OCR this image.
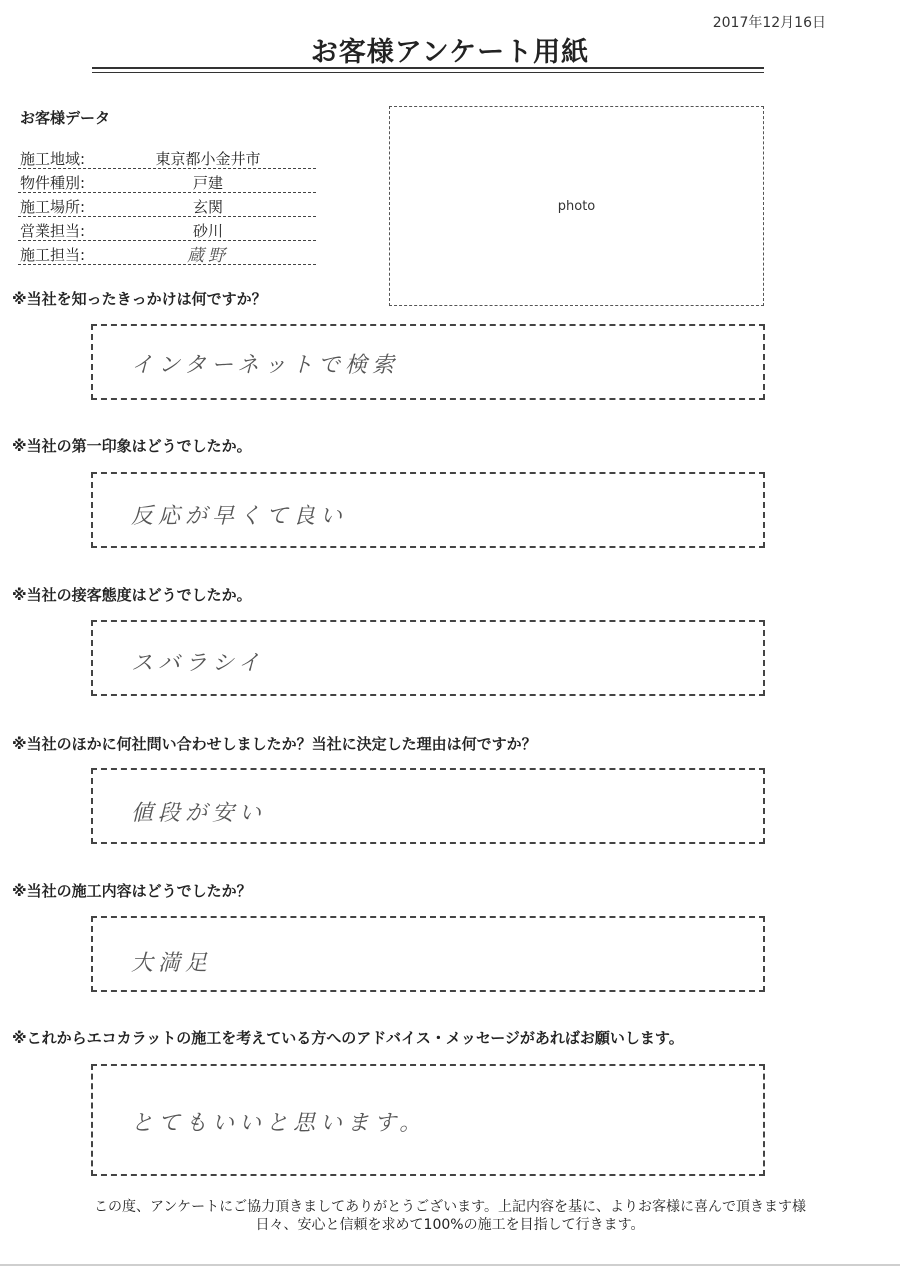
2017年12月16日
お客様アンケート用紙
お客様データ
施工地域:	東京都小金井市
物件種別:	戸建
施工場所:	玄関
営業担当:	砂川
施工担当:	蔵野
photo
※当社を知ったきっかけは何ですか？
インターネットで検索
※当社の第一印象はどうでしたか。
反応が早くて良い
※当社の接客態度はどうでしたか。
スバラシイ
※当社のほかに何社問い合わせしましたか？当社に決定した理由は何ですか？
値段が安い
※当社の施工内容はどうでしたか？
大満足
※これからエコカラットの施工を考えている方へのアドバイス・メッセージがあればお願いします。
とてもいいと思います。
この度、アンケートにご協力頂きましてありがとうございます。上記内容を基に、よりお客様に喜んで頂きます様
日々、安心と信頼を求めて100%の施工を目指して行きます。
